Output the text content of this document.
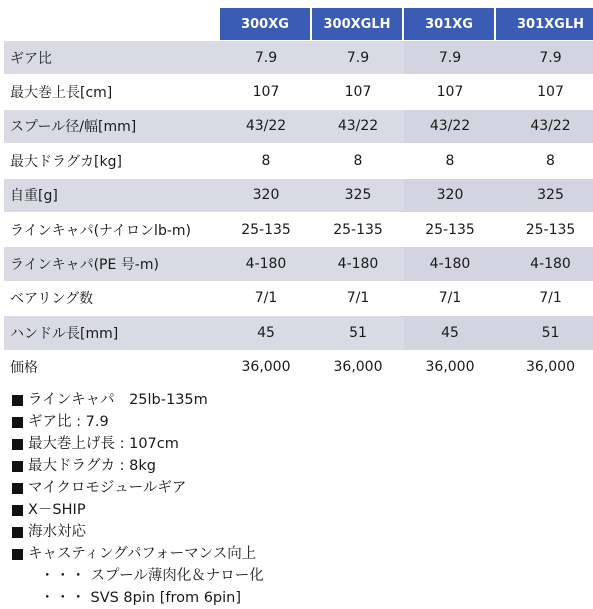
	300XG	300XGLH	301XG	301XGLH
ギア比	7.9	7.9	7.9	7.9
最大巻上長[cm]	107	107	107	107
スプール径/幅[mm]	43/22	43/22	43/22	43/22
最大ドラグカ[kg]	8	8	8	8
自重[g]	320	325	320	325
ラインキャパ(ナイロンlb-m)	25-135	25-135	25-135	25-135
ラインキャパ(PE 号-m)	4-180	4-180	4-180	4-180
ベアリング数	7/1	7/1	7/1	7/1
ハンドル長[mm]	45	51	45	51
価格	36,000	36,000	36,000	36,000
ラインキャパ　25lb-135m
ギア比 : 7.9
最大巻上げ長 : 107cm
最大ドラグカ : 8kg
マイクロモジュールギア
X－SHIP
海水対応
キャスティングパフォーマンス向上
・・・ スプール薄肉化＆ナロー化
・・・ SVS 8pin [from 6pin]
